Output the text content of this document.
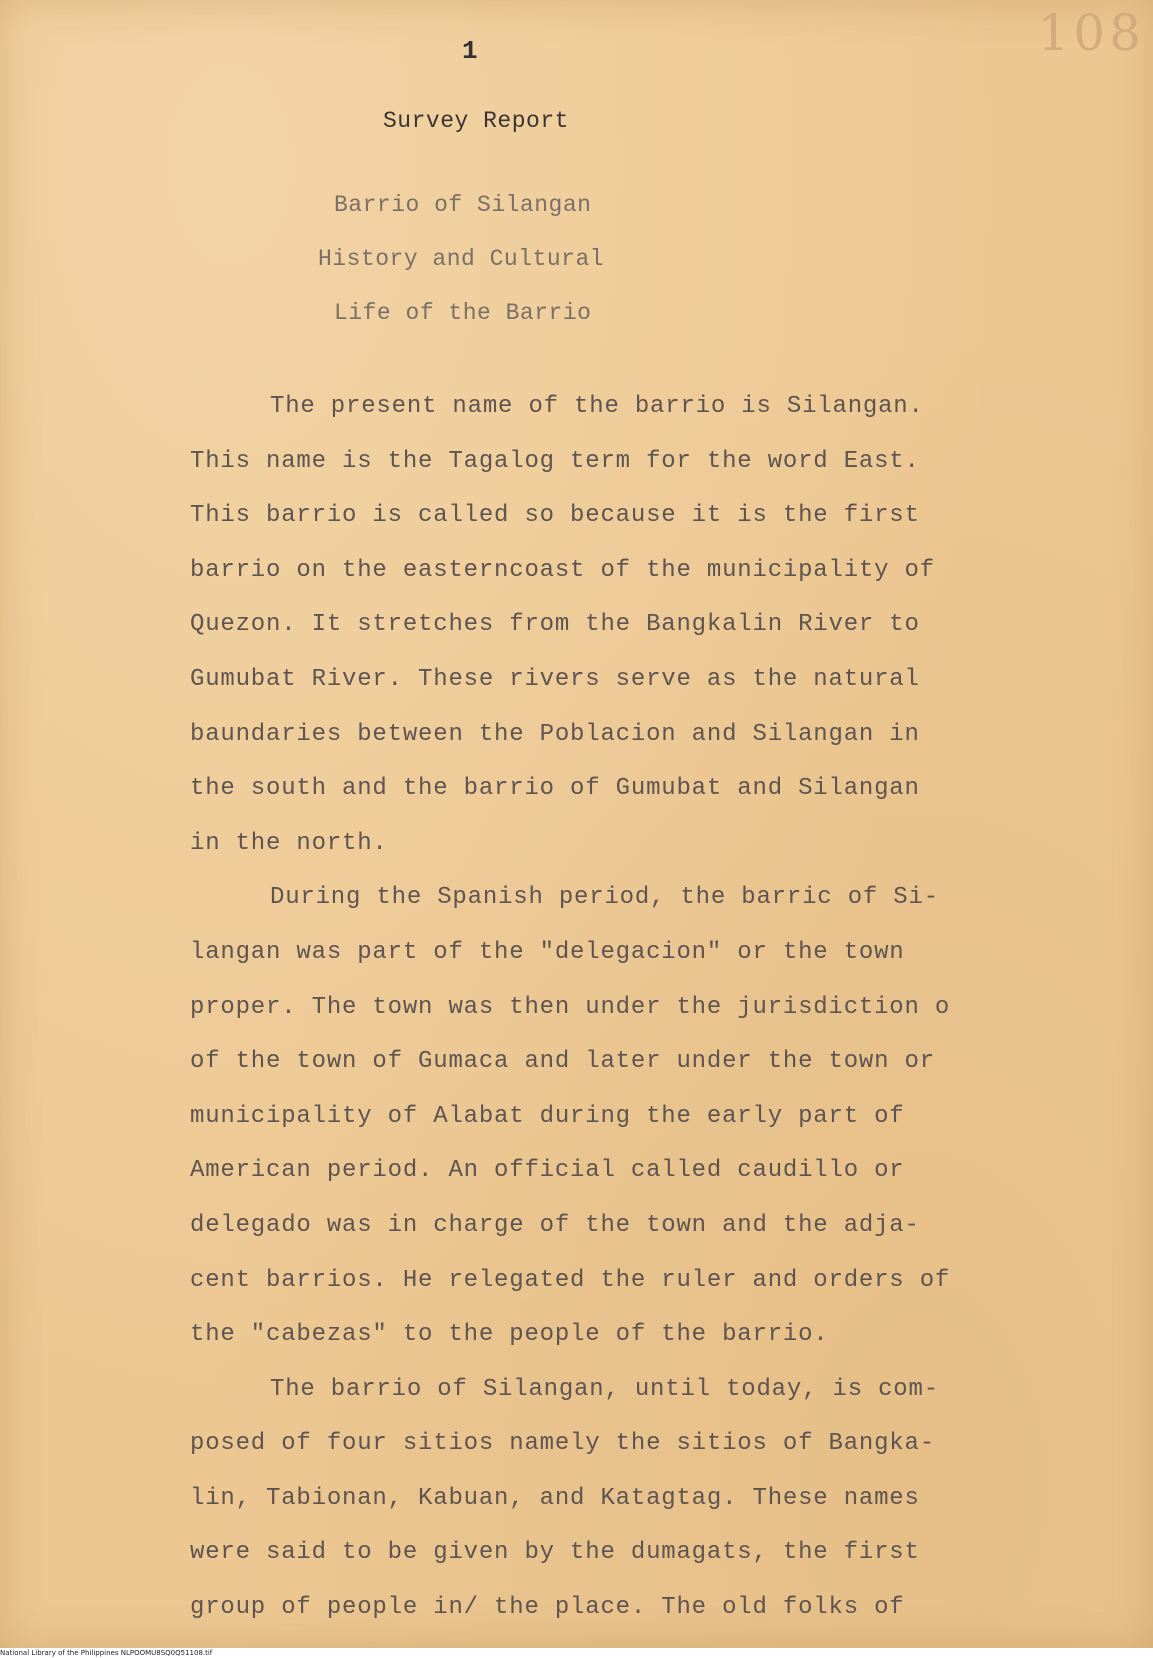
108
1
Survey Report
Barrio of Silangan
History and Cultural
Life of the Barrio
The present name of the barrio is Silangan.
This name is the Tagalog term for the word East.
This barrio is called so because it is the first
barrio on the easterncoast of the municipality of
Quezon. It stretches from the Bangkalin River to
Gumubat River. These rivers serve as the natural
baundaries between the Poblacion and Silangan in
the south and the barrio of Gumubat and Silangan
in the north.
During the Spanish period, the barric of Si-
langan was part of the "delegacion" or the town
proper. The town was then under the jurisdiction o
of the town of Gumaca and later under the town or
municipality of Alabat during the early part of
American period. An official called caudillo or
delegado was in charge of the town and the adja-
cent barrios. He relegated the ruler and orders of
the "cabezas" to the people of the barrio.
The barrio of Silangan, until today, is com-
posed of four sitios namely the sitios of Bangka-
lin, Tabionan, Kabuan, and Katagtag. These names
were said to be given by the dumagats, the first
group of people in/ the place. The old folks of
National Library of the Philippines NLPOOMU8SQ0Q51108.tif
